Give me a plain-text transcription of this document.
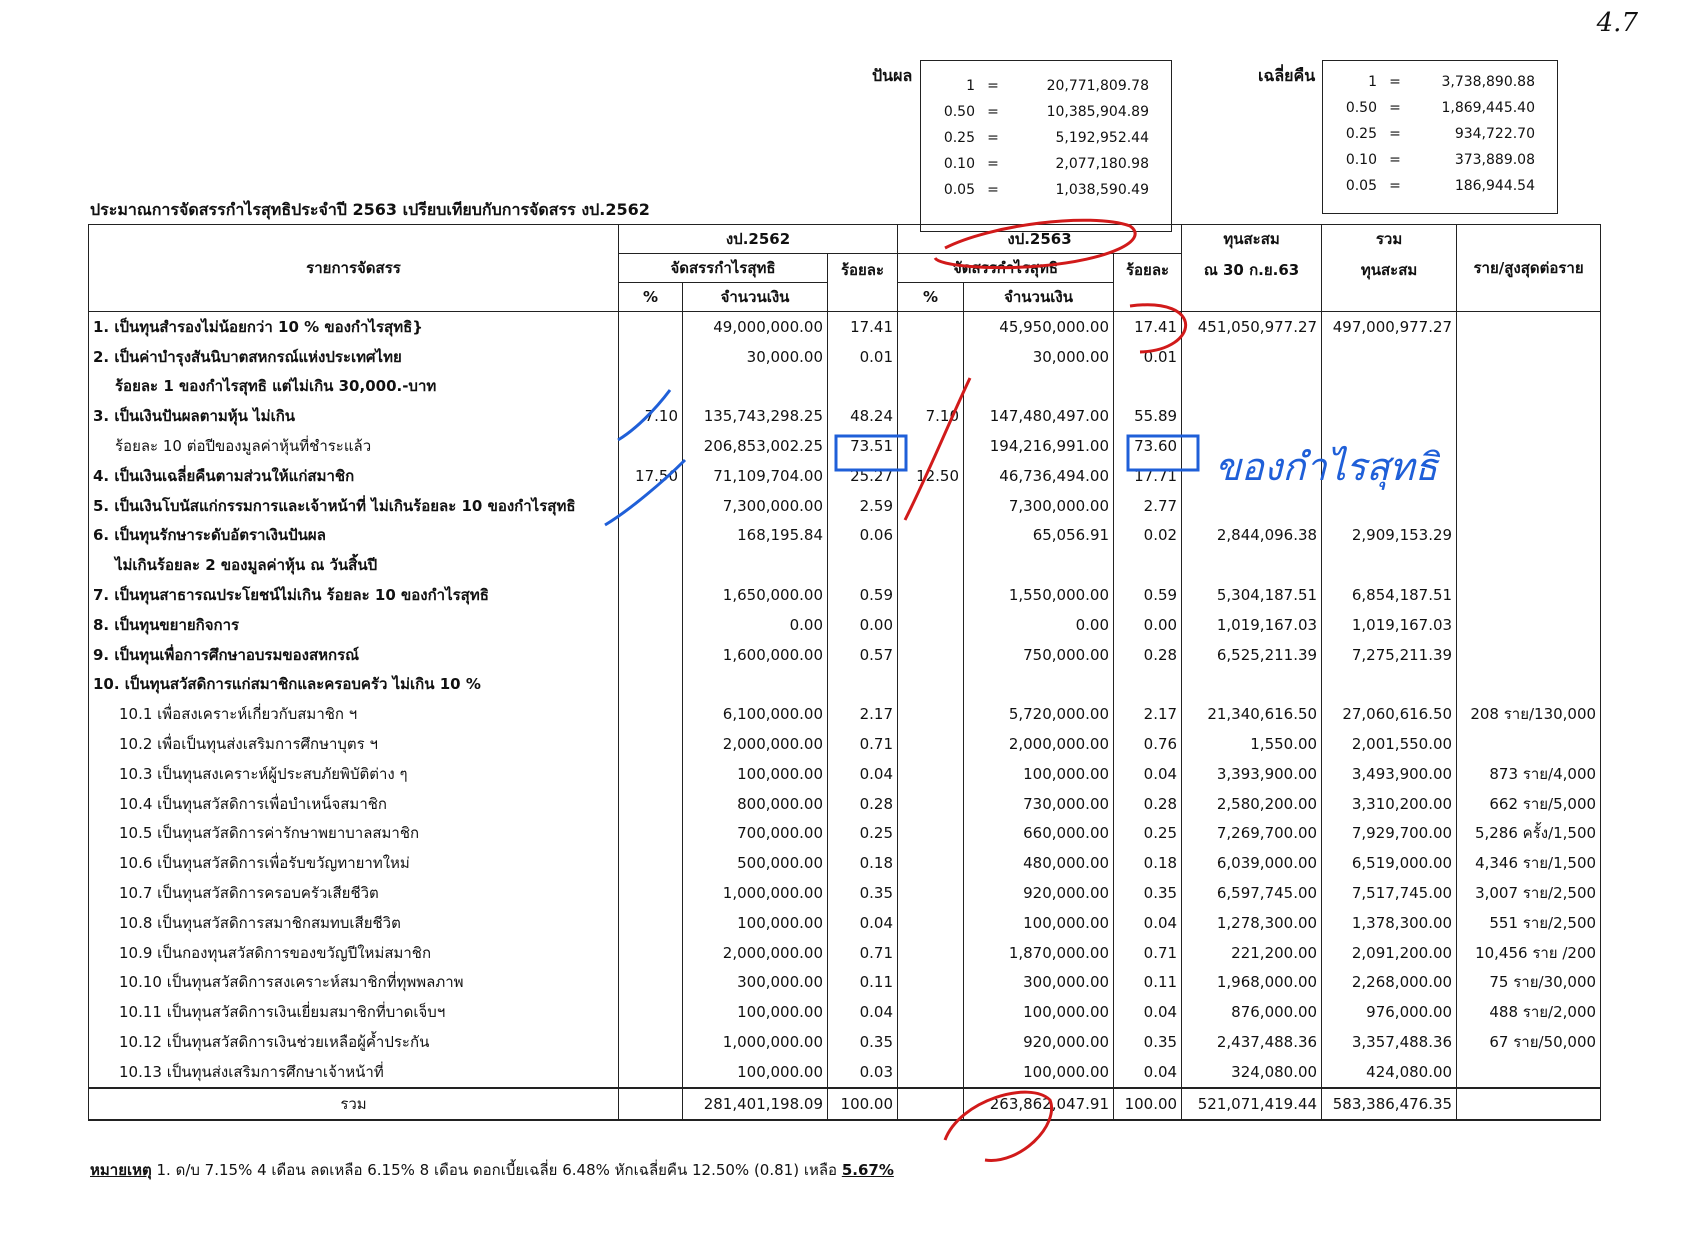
4.7
ปันผล
1 =	20,771,809.78
0.50 =	10,385,904.89
0.25 =	5,192,952.44
0.10 =	2,077,180.98
0.05 =	1,038,590.49
เฉลี่ยคืน	1 =	3,738,890.88
0.50 =	1,869,445.40
0.25 =	934,722.70
0.10 =	373,889.08
0.05 =	186,944.54
ประมาณการจัดสรรกำไรสุทธิประจำปี 2563 เปรียบเทียบกับการจัดสรร งป.2562
รายการจัดสรร	งป.2562			งป.2563			ทุนสะสม	รวม	ราย/สูงสุดต่อราย
	จัดสรรกำไรสุทธิ		ร้อยละ	จัดสรรกำไรสุทธิ		ร้อยละ	ณ 30 ก.ย.63	ทุนสะสม	
	%	จำนวนเงิน		%	จำนวนเงิน				
1. เป็นทุนสำรองไม่น้อยกว่า 10 % ของกำไรสุทธิ}		49,000,000.00	17.41		45,950,000.00	17.41	451,050,977.27	497,000,977.27	
2. เป็นค่าบำรุงสันนิบาตสหกรณ์แห่งประเทศไทย		30,000.00	0.01		30,000.00	0.01			
ร้อยละ 1 ของกำไรสุทธิ แต่ไม่เกิน 30,000.-บาท									
3. เป็นเงินปันผลตามหุ้น ไม่เกิน	7.10	135,743,298.25	48.24	7.10	147,480,497.00	55.89			
ร้อยละ 10 ต่อปีของมูลค่าหุ้นที่ชำระแล้ว		206,853,002.25	73.51		194,216,991.00	73.60			
4. เป็นเงินเฉลี่ยคืนตามส่วนให้แก่สมาชิก	17.50	71,109,704.00	25.27	12.50	46,736,494.00	17.71			
5. เป็นเงินโบนัสแก่กรรมการและเจ้าหน้าที่ ไม่เกินร้อยละ 10 ของกำไรสุทธิ		7,300,000.00	2.59		7,300,000.00	2.77			
6. เป็นทุนรักษาระดับอัตราเงินปันผล		168,195.84	0.06		65,056.91	0.02	2,844,096.38	2,909,153.29	
ไม่เกินร้อยละ 2 ของมูลค่าหุ้น ณ วันสิ้นปี									
7. เป็นทุนสาธารณประโยชน์ไม่เกิน ร้อยละ 10 ของกำไรสุทธิ		1,650,000.00	0.59		1,550,000.00	0.59	5,304,187.51	6,854,187.51	
8. เป็นทุนขยายกิจการ		0.00	0.00		0.00	0.00	1,019,167.03	1,019,167.03	
9. เป็นทุนเพื่อการศึกษาอบรมของสหกรณ์		1,600,000.00	0.57		750,000.00	0.28	6,525,211.39	7,275,211.39	
10. เป็นทุนสวัสดิการแก่สมาชิกและครอบครัว ไม่เกิน 10 %									
10.1 เพื่อสงเคราะห์เกี่ยวกับสมาชิก ฯ		6,100,000.00	2.17		5,720,000.00	2.17	21,340,616.50	27,060,616.50	208 ราย/130,000
10.2 เพื่อเป็นทุนส่งเสริมการศึกษาบุตร ฯ		2,000,000.00	0.71		2,000,000.00	0.76	1,550.00	2,001,550.00	
10.3 เป็นทุนสงเคราะห์ผู้ประสบภัยพิบัติต่าง ๆ		100,000.00	0.04		100,000.00	0.04	3,393,900.00	3,493,900.00	873 ราย/4,000
10.4 เป็นทุนสวัสดิการเพื่อบำเหน็จสมาชิก		800,000.00	0.28		730,000.00	0.28	2,580,200.00	3,310,200.00	662 ราย/5,000
10.5 เป็นทุนสวัสดิการค่ารักษาพยาบาลสมาชิก		700,000.00	0.25		660,000.00	0.25	7,269,700.00	7,929,700.00	5,286 ครั้ง/1,500
10.6 เป็นทุนสวัสดิการเพื่อรับขวัญทายาทใหม่		500,000.00	0.18		480,000.00	0.18	6,039,000.00	6,519,000.00	4,346 ราย/1,500
10.7 เป็นทุนสวัสดิการครอบครัวเสียชีวิต		1,000,000.00	0.35		920,000.00	0.35	6,597,745.00	7,517,745.00	3,007 ราย/2,500
10.8 เป็นทุนสวัสดิการสมาชิกสมทบเสียชีวิต		100,000.00	0.04		100,000.00	0.04	1,278,300.00	1,378,300.00	551 ราย/2,500
10.9 เป็นกองทุนสวัสดิการของขวัญปีใหม่สมาชิก		2,000,000.00	0.71		1,870,000.00	0.71	221,200.00	2,091,200.00	10,456 ราย /200
10.10 เป็นทุนสวัสดิการสงเคราะห์สมาชิกที่ทุพพลภาพ		300,000.00	0.11		300,000.00	0.11	1,968,000.00	2,268,000.00	75 ราย/30,000
10.11 เป็นทุนสวัสดิการเงินเยี่ยมสมาชิกที่บาดเจ็บฯ		100,000.00	0.04		100,000.00	0.04	876,000.00	976,000.00	488 ราย/2,000
10.12 เป็นทุนสวัสดิการเงินช่วยเหลือผู้ค้ำประกัน		1,000,000.00	0.35		920,000.00	0.35	2,437,488.36	3,357,488.36	67 ราย/50,000
10.13 เป็นทุนส่งเสริมการศึกษาเจ้าหน้าที่		100,000.00	0.03		100,000.00	0.04	324,080.00	424,080.00	
รวม		281,401,198.09	100.00		263,862,047.91	100.00	521,071,419.44	583,386,476.35	
หมายเหตุ 1. ด/บ 7.15% 4 เดือน ลดเหลือ 6.15% 8 เดือน ดอกเบี้ยเฉลี่ย 6.48% หักเฉลี่ยคืน 12.50% (0.81) เหลือ 5.67%
ของกำไรสุทธิ
